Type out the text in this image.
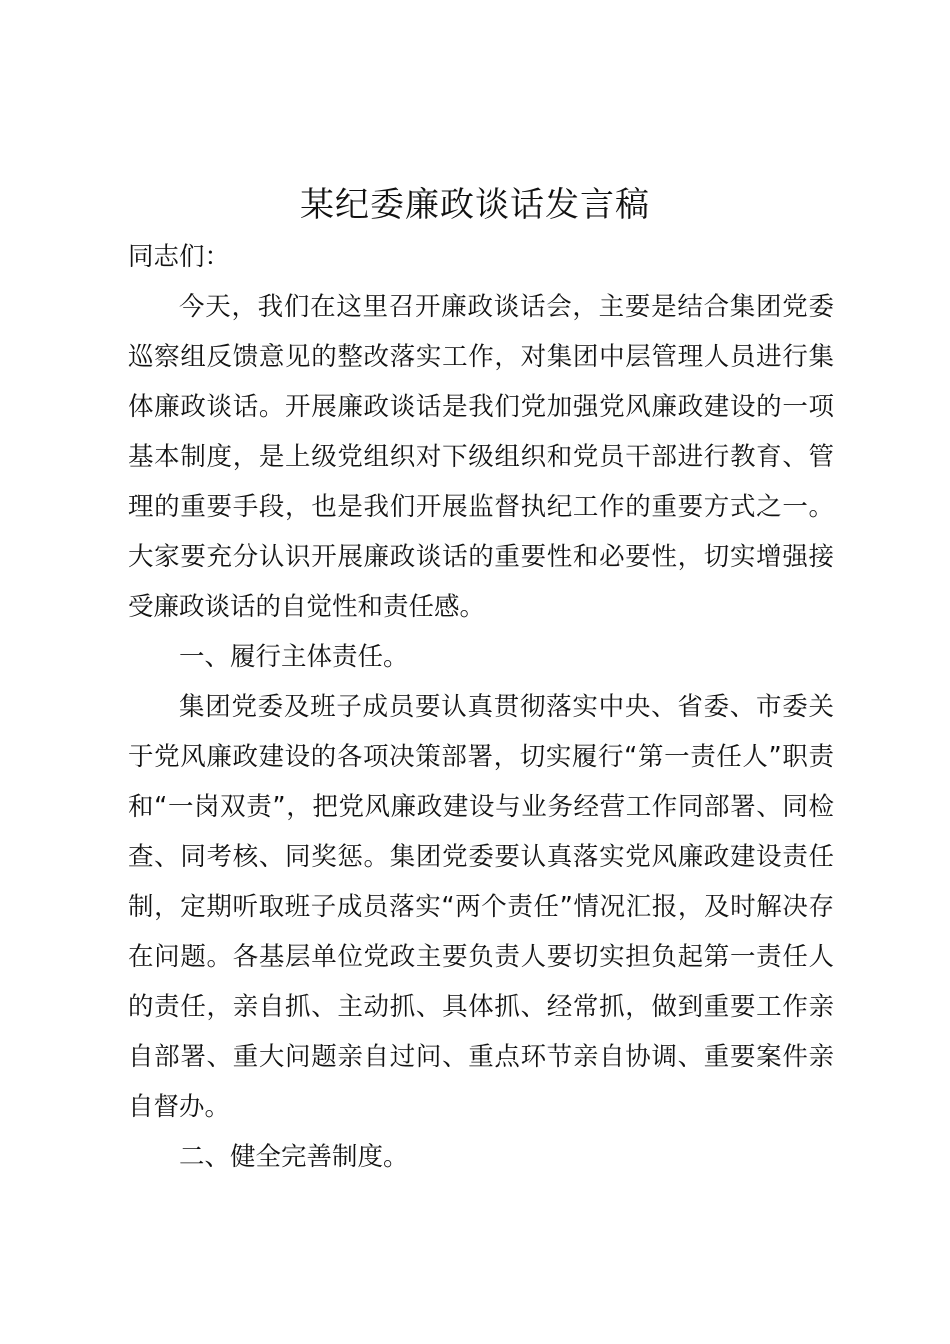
某纪委廉政谈话发言稿

同志们：

今天，我们在这里召开廉政谈话会，主要是结合集团党委巡察组反馈意见的整改落实工作，对集团中层管理人员进行集体廉政谈话。开展廉政谈话是我们党加强党风廉政建设的一项基本制度，是上级党组织对下级组织和党员干部进行教育、管理的重要手段，也是我们开展监督执纪工作的重要方式之一。大家要充分认识开展廉政谈话的重要性和必要性，切实增强接受廉政谈话的自觉性和责任感。

一、履行主体责任。

集团党委及班子成员要认真贯彻落实中央、省委、市委关于党风廉政建设的各项决策部署，切实履行“第一责任人”职责和“一岗双责”，把党风廉政建设与业务经营工作同部署、同检查、同考核、同奖惩。集团党委要认真落实党风廉政建设责任制，定期听取班子成员落实“两个责任”情况汇报，及时解决存在问题。各基层单位党政主要负责人要切实担负起第一责任人的责任，亲自抓、主动抓、具体抓、经常抓，做到重要工作亲自部署、重大问题亲自过问、重点环节亲自协调、重要案件亲自督办。

二、健全完善制度。
